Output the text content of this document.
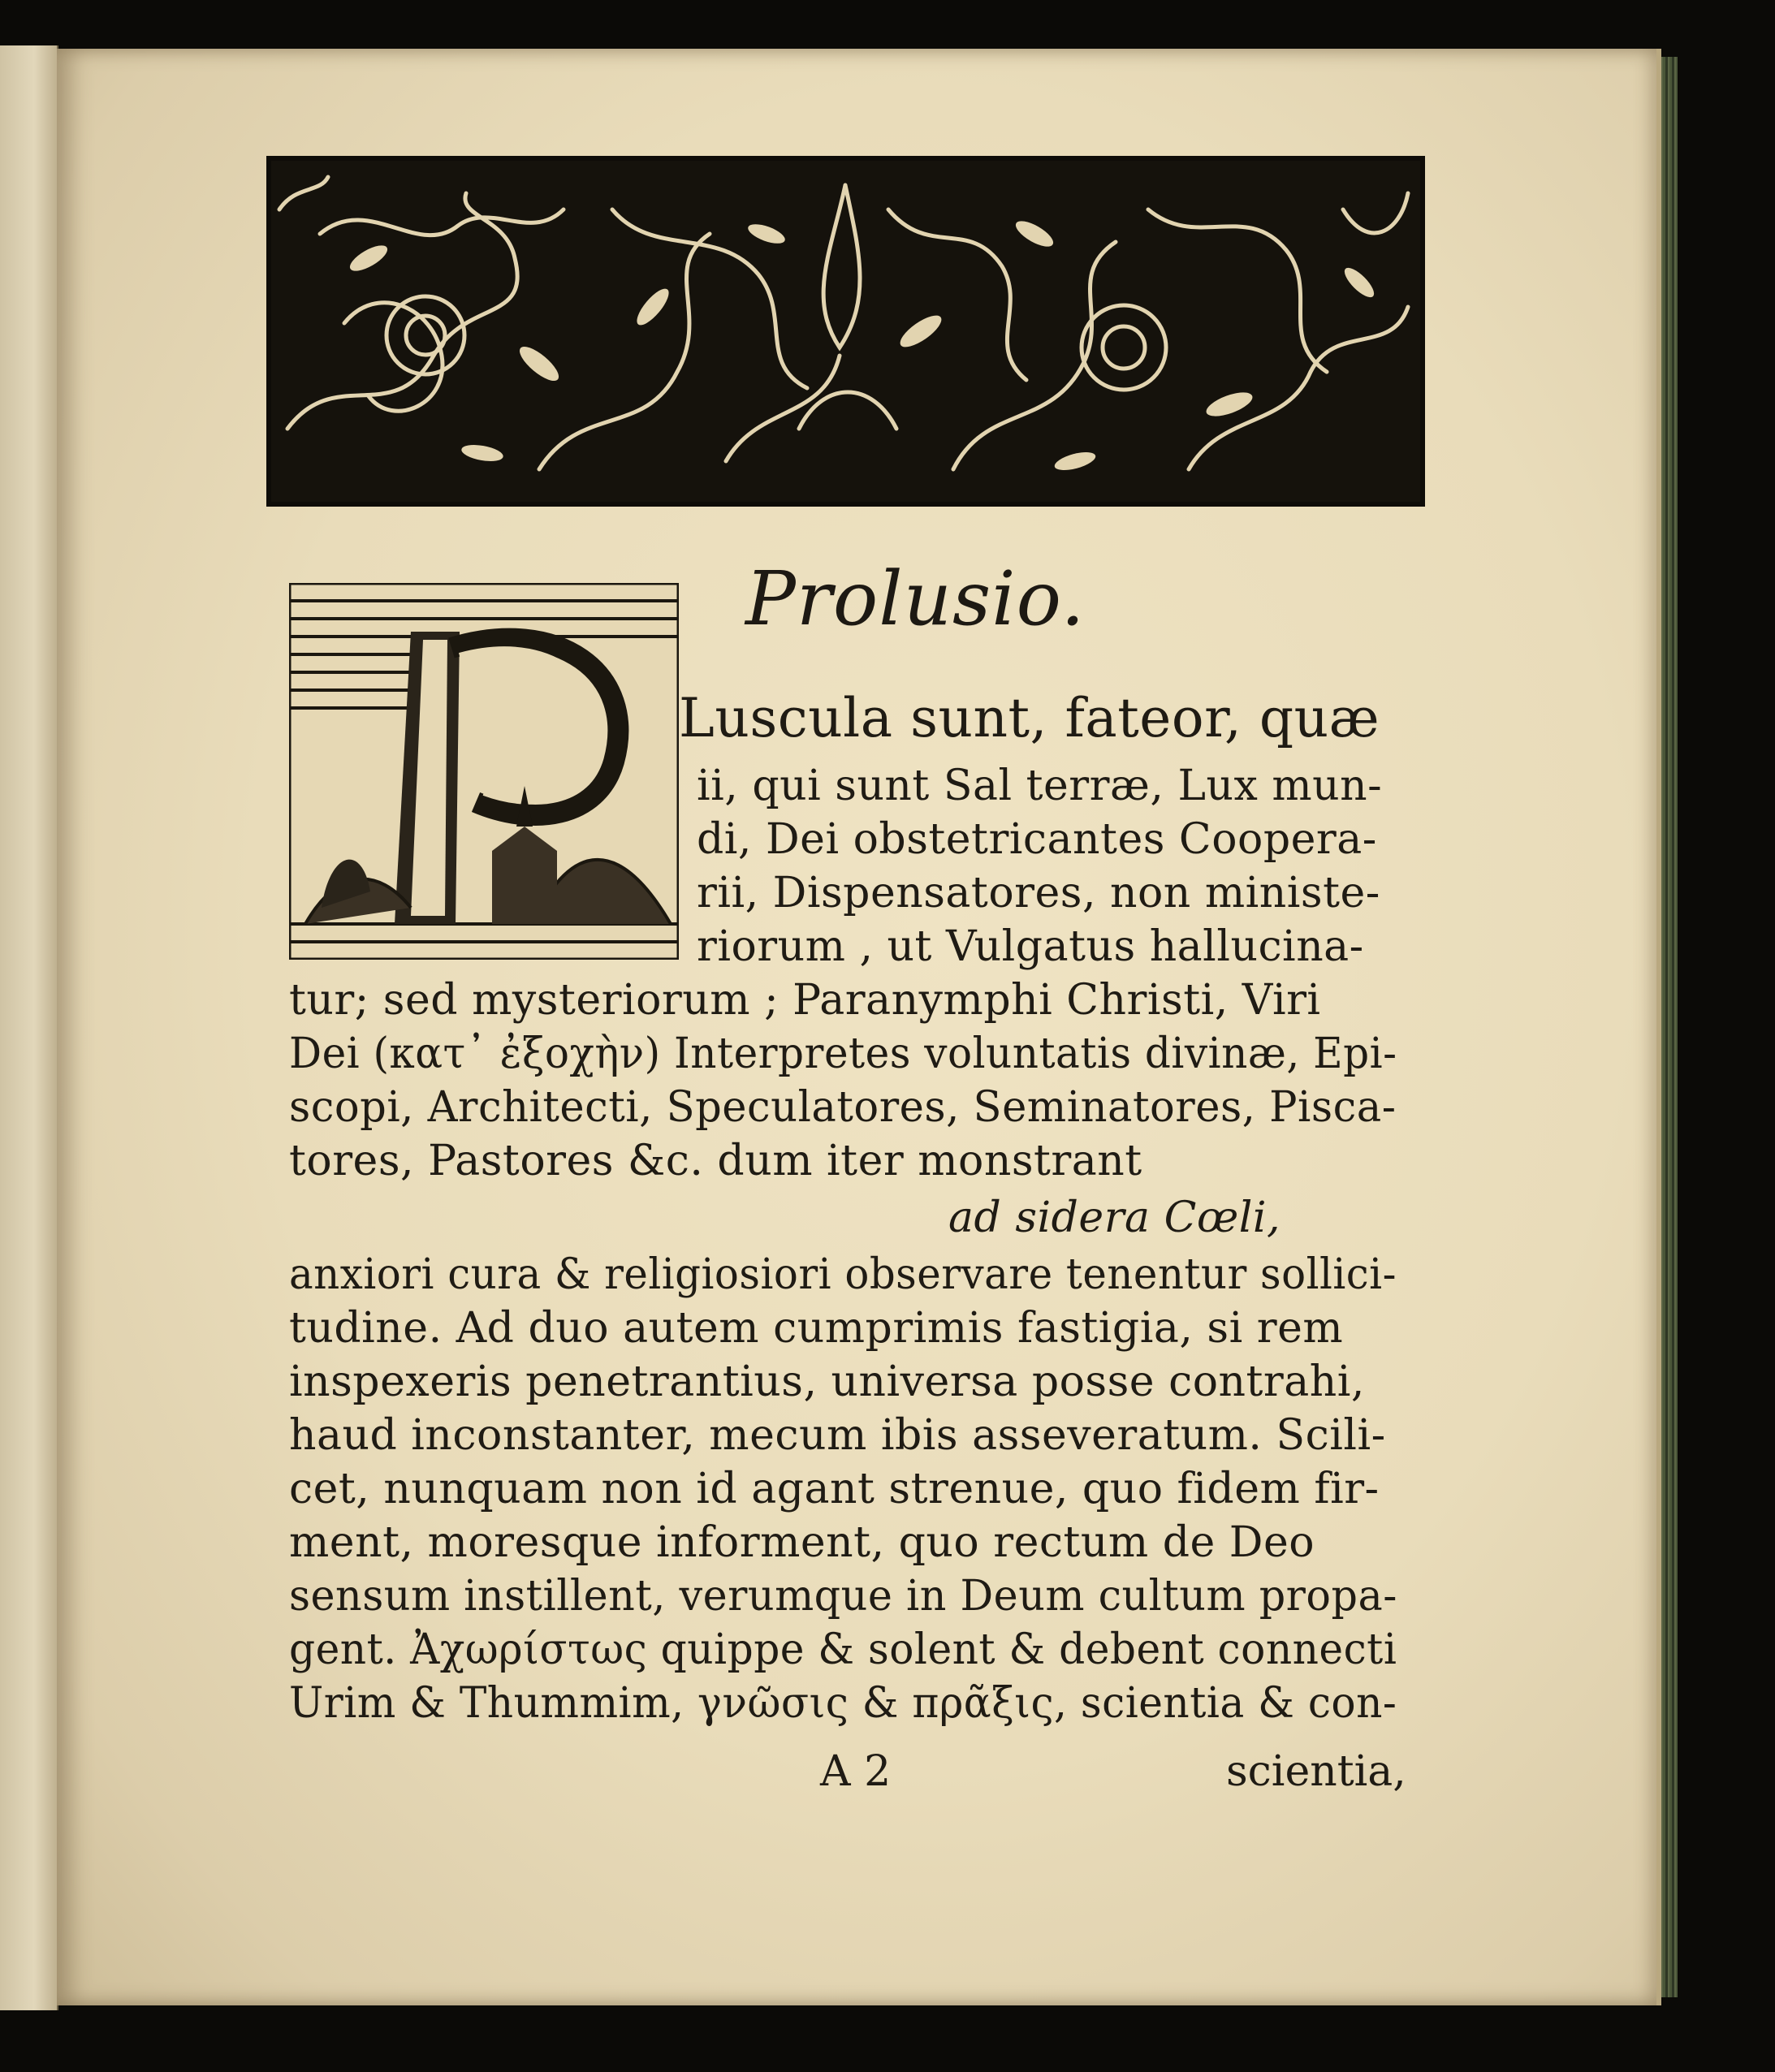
Prolusio.
Luscula sunt, fateor, quæ
ii, qui sunt Sal terræ, Lux mun-
di, Dei obstetricantes Coopera-
rii, Dispensatores, non ministe-
riorum , ut Vulgatus hallucina-
tur; sed mysteriorum ; Paranymphi Christi, Viri
Dei (κατ᾽ ἐξοχὴν) Interpretes voluntatis divinæ, Epi-
scopi, Architecti, Speculatores, Seminatores, Pisca-
tores, Pastores &c. dum iter monstrant
ad sidera Cœli,
anxiori cura & religiosiori observare tenentur sollici-
tudine. Ad duo autem cumprimis fastigia, si rem
inspexeris penetrantius, universa posse contrahi,
haud inconstanter, mecum ibis asseveratum. Scili-
cet, nunquam non id agant strenue, quo fidem fir-
ment, moresque informent, quo rectum de Deo
sensum instillent, verumque in Deum cultum propa-
gent. Ἀχωρίστως quippe & solent & debent connecti
Urim & Thummim, γνῶσις & πρᾶξις, scientia & con-
A 2	scientia,
